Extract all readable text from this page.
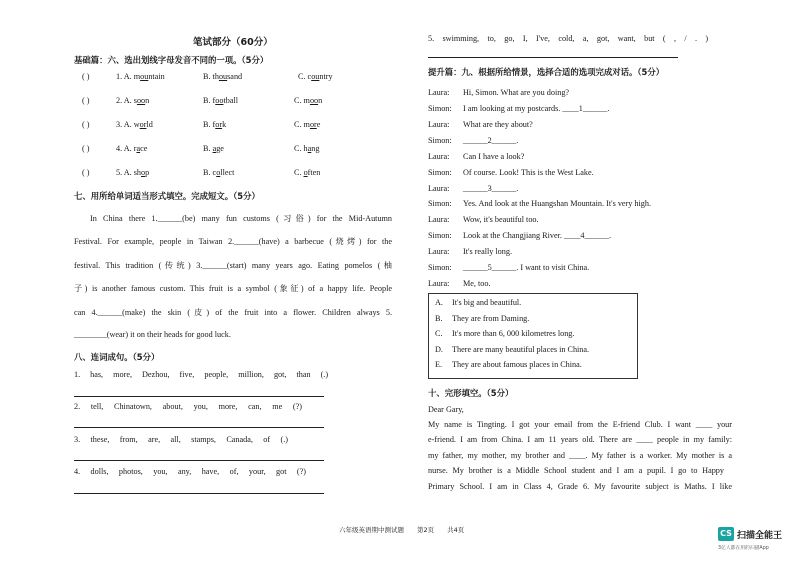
笔试部分（60分）
基础篇：六、选出划线字母发音不同的一项。（5分）
( )	1. A. mountain	B. thousand	C. country
( )	2. A. soon	B. football	C. moon
( )	3. A. world	B. fork	C. more
( )	4. A. race	B. age	C. hang
( )	5. A. shop	B. collect	C. often
七、用所给单词适当形式填空。完成短文。（5分）
In China there 1.______(be) many fun customs (习俗) for the Mid-Autumn
Festival. For example, people in Taiwan 2.______(have) a barbecue (烧烤) for the
festival. This tradition (传统) 3.______(start) many years ago. Eating pomelos (柚
子) is another famous custom. This fruit is a symbol (象征) of a happy life. People
can 4.______(make) the skin (皮) of the fruit into a flower. Children always 5.
________(wear) it on their heads for good luck.
八、连词成句。（5分）
1. has, more, Dezhou, five, people, million, got, than (.)
2. tell, Chinatown, about, you, more, can, me (?)
3. these, from, are, all, stamps, Canada, of (.)
4. dolls, photos, you, any, have, of, your, got (?)
六年级英语期中测试题　　第2页　　共4页
5. swimming, to, go, I, I've, cold, a, got, want, but ( , / . )
提升篇：九、根据所给情景，选择合适的选项完成对话。（5分）
Laura: Hi, Simon. What are you doing?
Simon: I am looking at my postcards. ____1______.
Laura: What are they about?
Simon: ______2______.
Laura: Can I have a look?
Simon: Of course. Look! This is the West Lake.
Laura: ______3______.
Simon: Yes. And look at the Huangshan Mountain. It's very high.
Laura: Wow, it's beautiful too.
Simon: Look at the Changjiang River. ____4______.
Laura: It's really long.
Simon: ______5______. I want to visit China.
Laura: Me, too.
A. It's big and beautiful.
B. They are from Daming.
C. It's more than 6, 000 kilometres long.
D. There are many beautiful places in China.
E. They are about famous places in China.
十、完形填空。（5分）
Dear Gary,
My name is Tingting. I got your email from the E-friend Club. I want ____ your
e-friend. I am from China. I am 11 years old. There are ____ people in my family:
my father, my mother, my brother and ____. My father is a worker. My mother is a
nurse. My brother is a Middle School student and I am a pupil. I go to Happy
Primary School. I am in Class 4, Grade 6. My favourite subject is Maths. I like
CS 扫描全能王
3亿人都在用的扫描App
